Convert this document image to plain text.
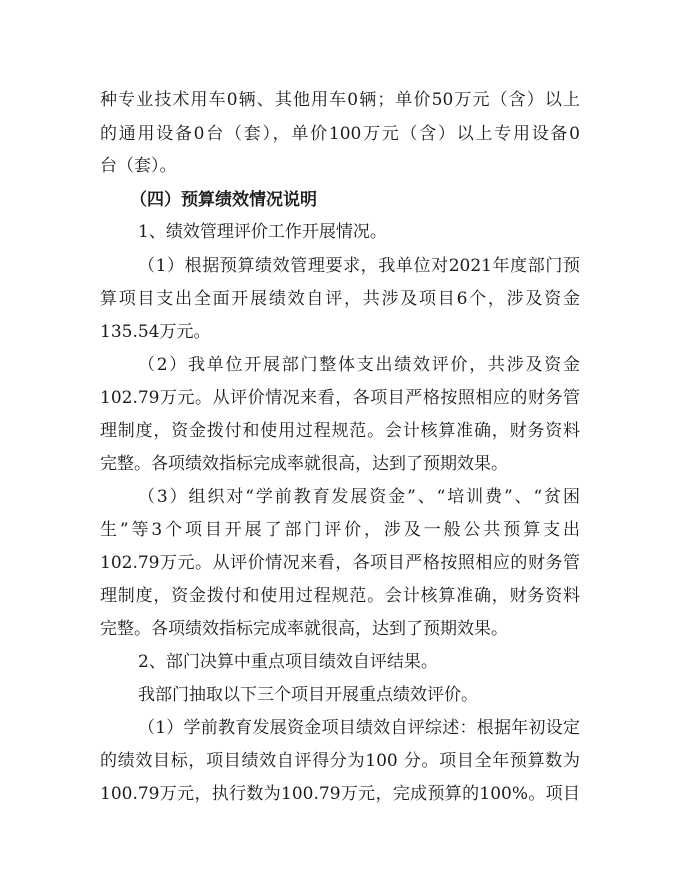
种专业技术用车0辆、其他用车0辆；单价50万元（含）以上
的通用设备0台（套），单价100万元（含）以上专用设备0
台（套）。
（四）预算绩效情况说明
1、绩效管理评价工作开展情况。
（1）根据预算绩效管理要求，我单位对2021年度部门预
算项目支出全面开展绩效自评，共涉及项目6个，涉及资金
135.54万元。
（2）我单位开展部门整体支出绩效评价，共涉及资金
102.79万元。从评价情况来看，各项目严格按照相应的财务管
理制度，资金拨付和使用过程规范。会计核算准确，财务资料
完整。各项绩效指标完成率就很高，达到了预期效果。
（3）组织对“学前教育发展资金”、“培训费”、“贫困
生”等3个项目开展了部门评价，涉及一般公共预算支出
102.79万元。从评价情况来看，各项目严格按照相应的财务管
理制度，资金拨付和使用过程规范。会计核算准确，财务资料
完整。各项绩效指标完成率就很高，达到了预期效果。
2、部门决算中重点项目绩效自评结果。
我部门抽取以下三个项目开展重点绩效评价。
（1）学前教育发展资金项目绩效自评综述：根据年初设定
的绩效目标，项目绩效自评得分为100 分。项目全年预算数为
100.79万元，执行数为100.79万元，完成预算的100%。项目
